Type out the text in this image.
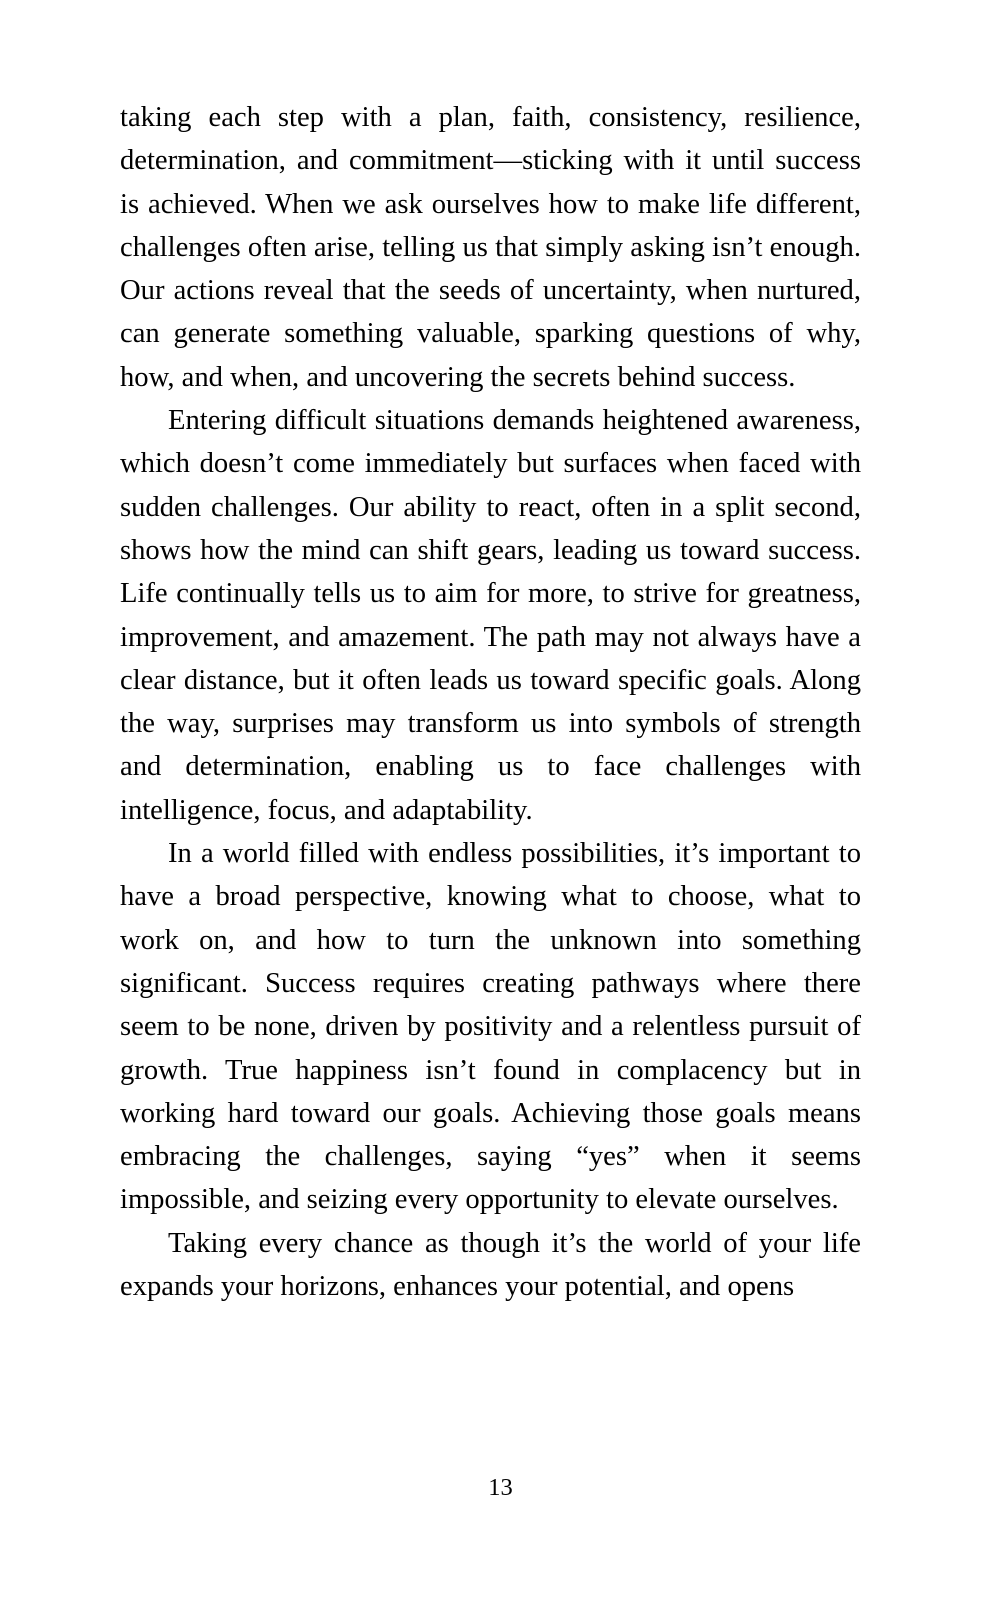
taking each step with a plan, faith, consistency, resilience, determination, and commitment—sticking with it until success is achieved. When we ask ourselves how to make life different, challenges often arise, telling us that simply asking isn’t enough. Our actions reveal that the seeds of uncertainty, when nurtured, can generate something valuable, sparking questions of why, how, and when, and uncovering the secrets behind success.

Entering difficult situations demands heightened awareness, which doesn’t come immediately but surfaces when faced with sudden challenges. Our ability to react, often in a split second, shows how the mind can shift gears, leading us toward success. Life continually tells us to aim for more, to strive for greatness, improvement, and amazement. The path may not always have a clear distance, but it often leads us toward specific goals. Along the way, surprises may transform us into symbols of strength and determination, enabling us to face challenges with intelligence, focus, and adaptability.

In a world filled with endless possibilities, it’s important to have a broad perspective, knowing what to choose, what to work on, and how to turn the unknown into something significant. Success requires creating pathways where there seem to be none, driven by positivity and a relentless pursuit of growth. True happiness isn’t found in complacency but in working hard toward our goals. Achieving those goals means embracing the challenges, saying “yes” when it seems impossible, and seizing every opportunity to elevate ourselves.

Taking every chance as though it’s the world of your life expands your horizons, enhances your potential, and opens

13
